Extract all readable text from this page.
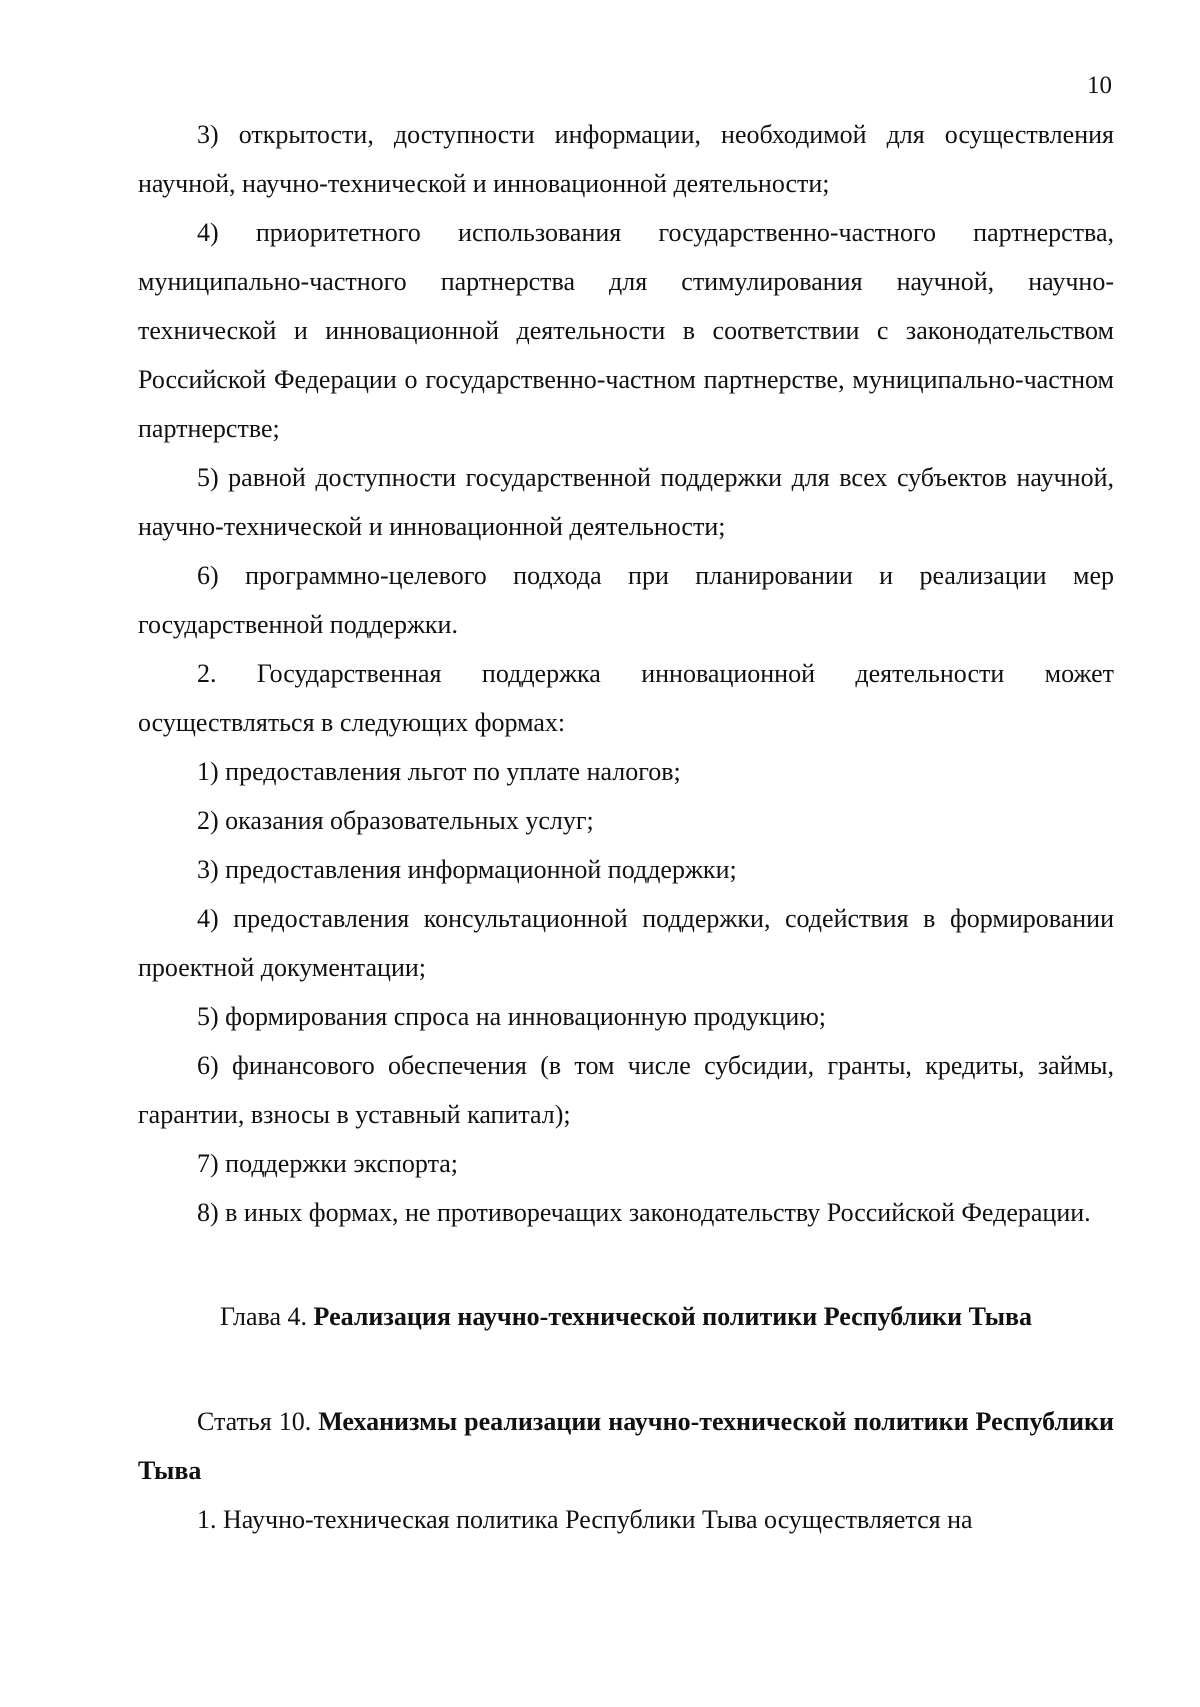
10

3) открытости, доступности информации, необходимой для осуществления научной, научно-технической и инновационной деятельности;

4) приоритетного использования государственно-частного партнерства, муниципально-частного партнерства для стимулирования научной, научно-технической и инновационной деятельности в соответствии с законодательством Российской Федерации о государственно-частном партнерстве, муниципально-частном партнерстве;

5) равной доступности государственной поддержки для всех субъектов научной, научно-технической и инновационной деятельности;

6) программно-целевого подхода при планировании и реализации мер государственной поддержки.

2. Государственная поддержка инновационной деятельности может осуществляться в следующих формах:

1) предоставления льгот по уплате налогов;

2) оказания образовательных услуг;

3) предоставления информационной поддержки;

4) предоставления консультационной поддержки, содействия в формировании проектной документации;

5) формирования спроса на инновационную продукцию;

6) финансового обеспечения (в том числе субсидии, гранты, кредиты, займы, гарантии, взносы в уставный капитал);

7) поддержки экспорта;

8) в иных формах, не противоречащих законодательству Российской Федерации.

Глава 4. Реализация научно-технической политики Республики Тыва

Статья 10. Механизмы реализации научно-технической политики Республики Тыва

1. Научно-техническая политика Республики Тыва осуществляется на
